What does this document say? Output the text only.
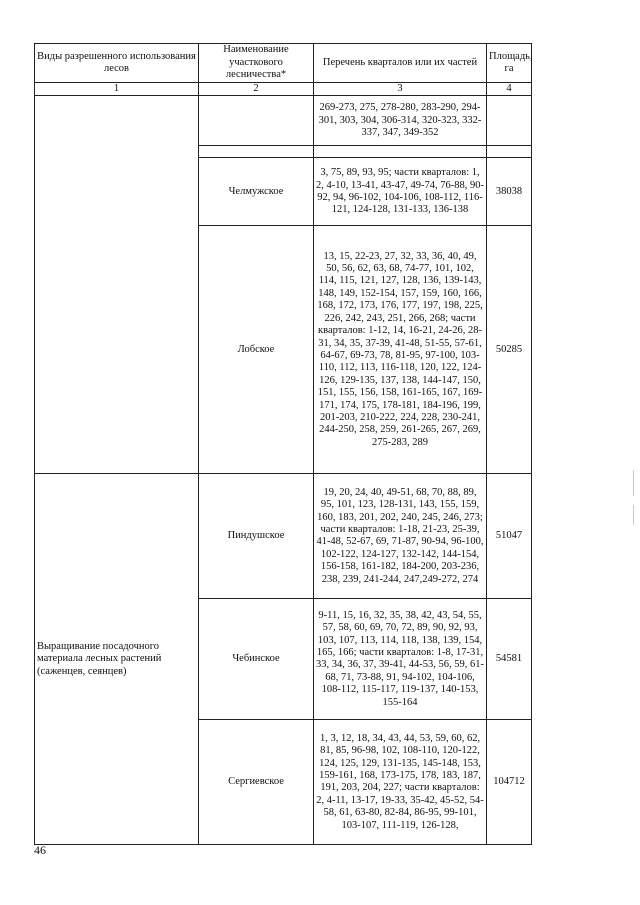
Виды разрешенного использования лесов	Наименование участкового лесничества*	Перечень кварталов или их частей	Площадь, га
1	2	3	4
		269-273, 275, 278-280, 283-290, 294-301, 303, 304, 306-314, 320-323, 332-337, 347, 349-352	

	Челмужское	3, 75, 89, 93, 95; части кварталов: 1, 2, 4-10, 13-41, 43-47, 49-74, 76-88, 90-92, 94, 96-102, 104-106, 108-112, 116-121, 124-128, 131-133, 136-138	38038
	Лобское	13, 15, 22-23, 27, 32, 33, 36, 40, 49, 50, 56, 62, 63, 68, 74-77, 101, 102, 114, 115, 121, 127, 128, 136, 139-143, 148, 149, 152-154, 157, 159, 160, 166, 168, 172, 173, 176, 177, 197, 198, 225, 226, 242, 243, 251, 266, 268; части кварталов: 1-12, 14, 16-21, 24-26, 28-31, 34, 35, 37-39, 41-48, 51-55, 57-61, 64-67, 69-73, 78, 81-95, 97-100, 103-110, 112, 113, 116-118, 120, 122, 124-126, 129-135, 137, 138, 144-147, 150, 151, 155, 156, 158, 161-165, 167, 169-171, 174, 175, 178-181, 184-196, 199, 201-203, 210-222, 224, 228, 230-241, 244-250, 258, 259, 261-265, 267, 269, 275-283, 289	50285
Выращивание посадочного материала лесных растений (саженцев, сеянцев)	Пиндушское	19, 20, 24, 40, 49-51, 68, 70, 88, 89, 95, 101, 123, 128-131, 143, 155, 159, 160, 183, 201, 202, 240, 245, 246, 273; части кварталов: 1-18, 21-23, 25-39, 41-48, 52-67, 69, 71-87, 90-94, 96-100, 102-122, 124-127, 132-142, 144-154, 156-158, 161-182, 184-200, 203-236, 238, 239, 241-244, 247,249-272, 274	51047
	Чебинское	9-11, 15, 16, 32, 35, 38, 42, 43, 54, 55, 57, 58, 60, 69, 70, 72, 89, 90, 92, 93, 103, 107, 113, 114, 118, 138, 139, 154, 165, 166; части кварталов: 1-8, 17-31, 33, 34, 36, 37, 39-41, 44-53, 56, 59, 61-68, 71, 73-88, 91, 94-102, 104-106, 108-112, 115-117, 119-137, 140-153, 155-164	54581
	Сергиевское	1, 3, 12, 18, 34, 43, 44, 53, 59, 60, 62, 81, 85, 96-98, 102, 108-110, 120-122, 124, 125, 129, 131-135, 145-148, 153, 159-161, 168, 173-175, 178, 183, 187, 191, 203, 204, 227; части кварталов: 2, 4-11, 13-17, 19-33, 35-42, 45-52, 54-58, 61, 63-80, 82-84, 86-95, 99-101, 103-107, 111-119, 126-128,	104712
46
